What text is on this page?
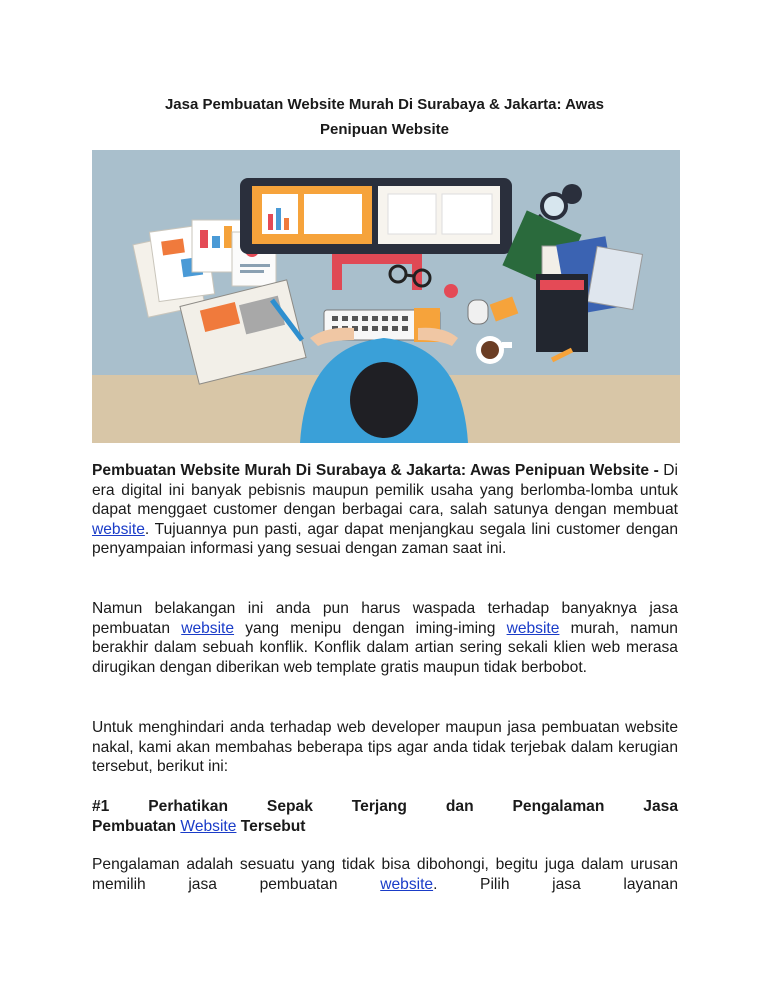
Jasa Pembuatan Website Murah Di Surabaya & Jakarta: Awas
Penipuan Website
Pembuatan Website Murah Di Surabaya & Jakarta: Awas Penipuan Website - Di era digital ini banyak pebisnis maupun pemilik usaha yang berlomba-lomba untuk dapat menggaet customer dengan berbagai cara, salah satunya dengan membuat website. Tujuannya pun pasti, agar dapat menjangkau segala lini customer dengan penyampaian informasi yang sesuai dengan zaman saat ini.
Namun belakangan ini anda pun harus waspada terhadap banyaknya jasa pembuatan website yang menipu dengan iming-iming website murah, namun berakhir dalam sebuah konflik. Konflik dalam artian sering sekali klien web merasa dirugikan dengan diberikan web template gratis maupun tidak berbobot.
Untuk menghindari anda terhadap web developer maupun jasa pembuatan website nakal, kami akan membahas beberapa tips agar anda tidak terjebak dalam kerugian tersebut, berikut ini:
#1 Perhatikan Sepak Terjang dan Pengalaman Jasa
Pembuatan Website Tersebut
Pengalaman adalah sesuatu yang tidak bisa dibohongi, begitu juga dalam urusan memilih jasa pembuatan website. Pilih jasa layanan
